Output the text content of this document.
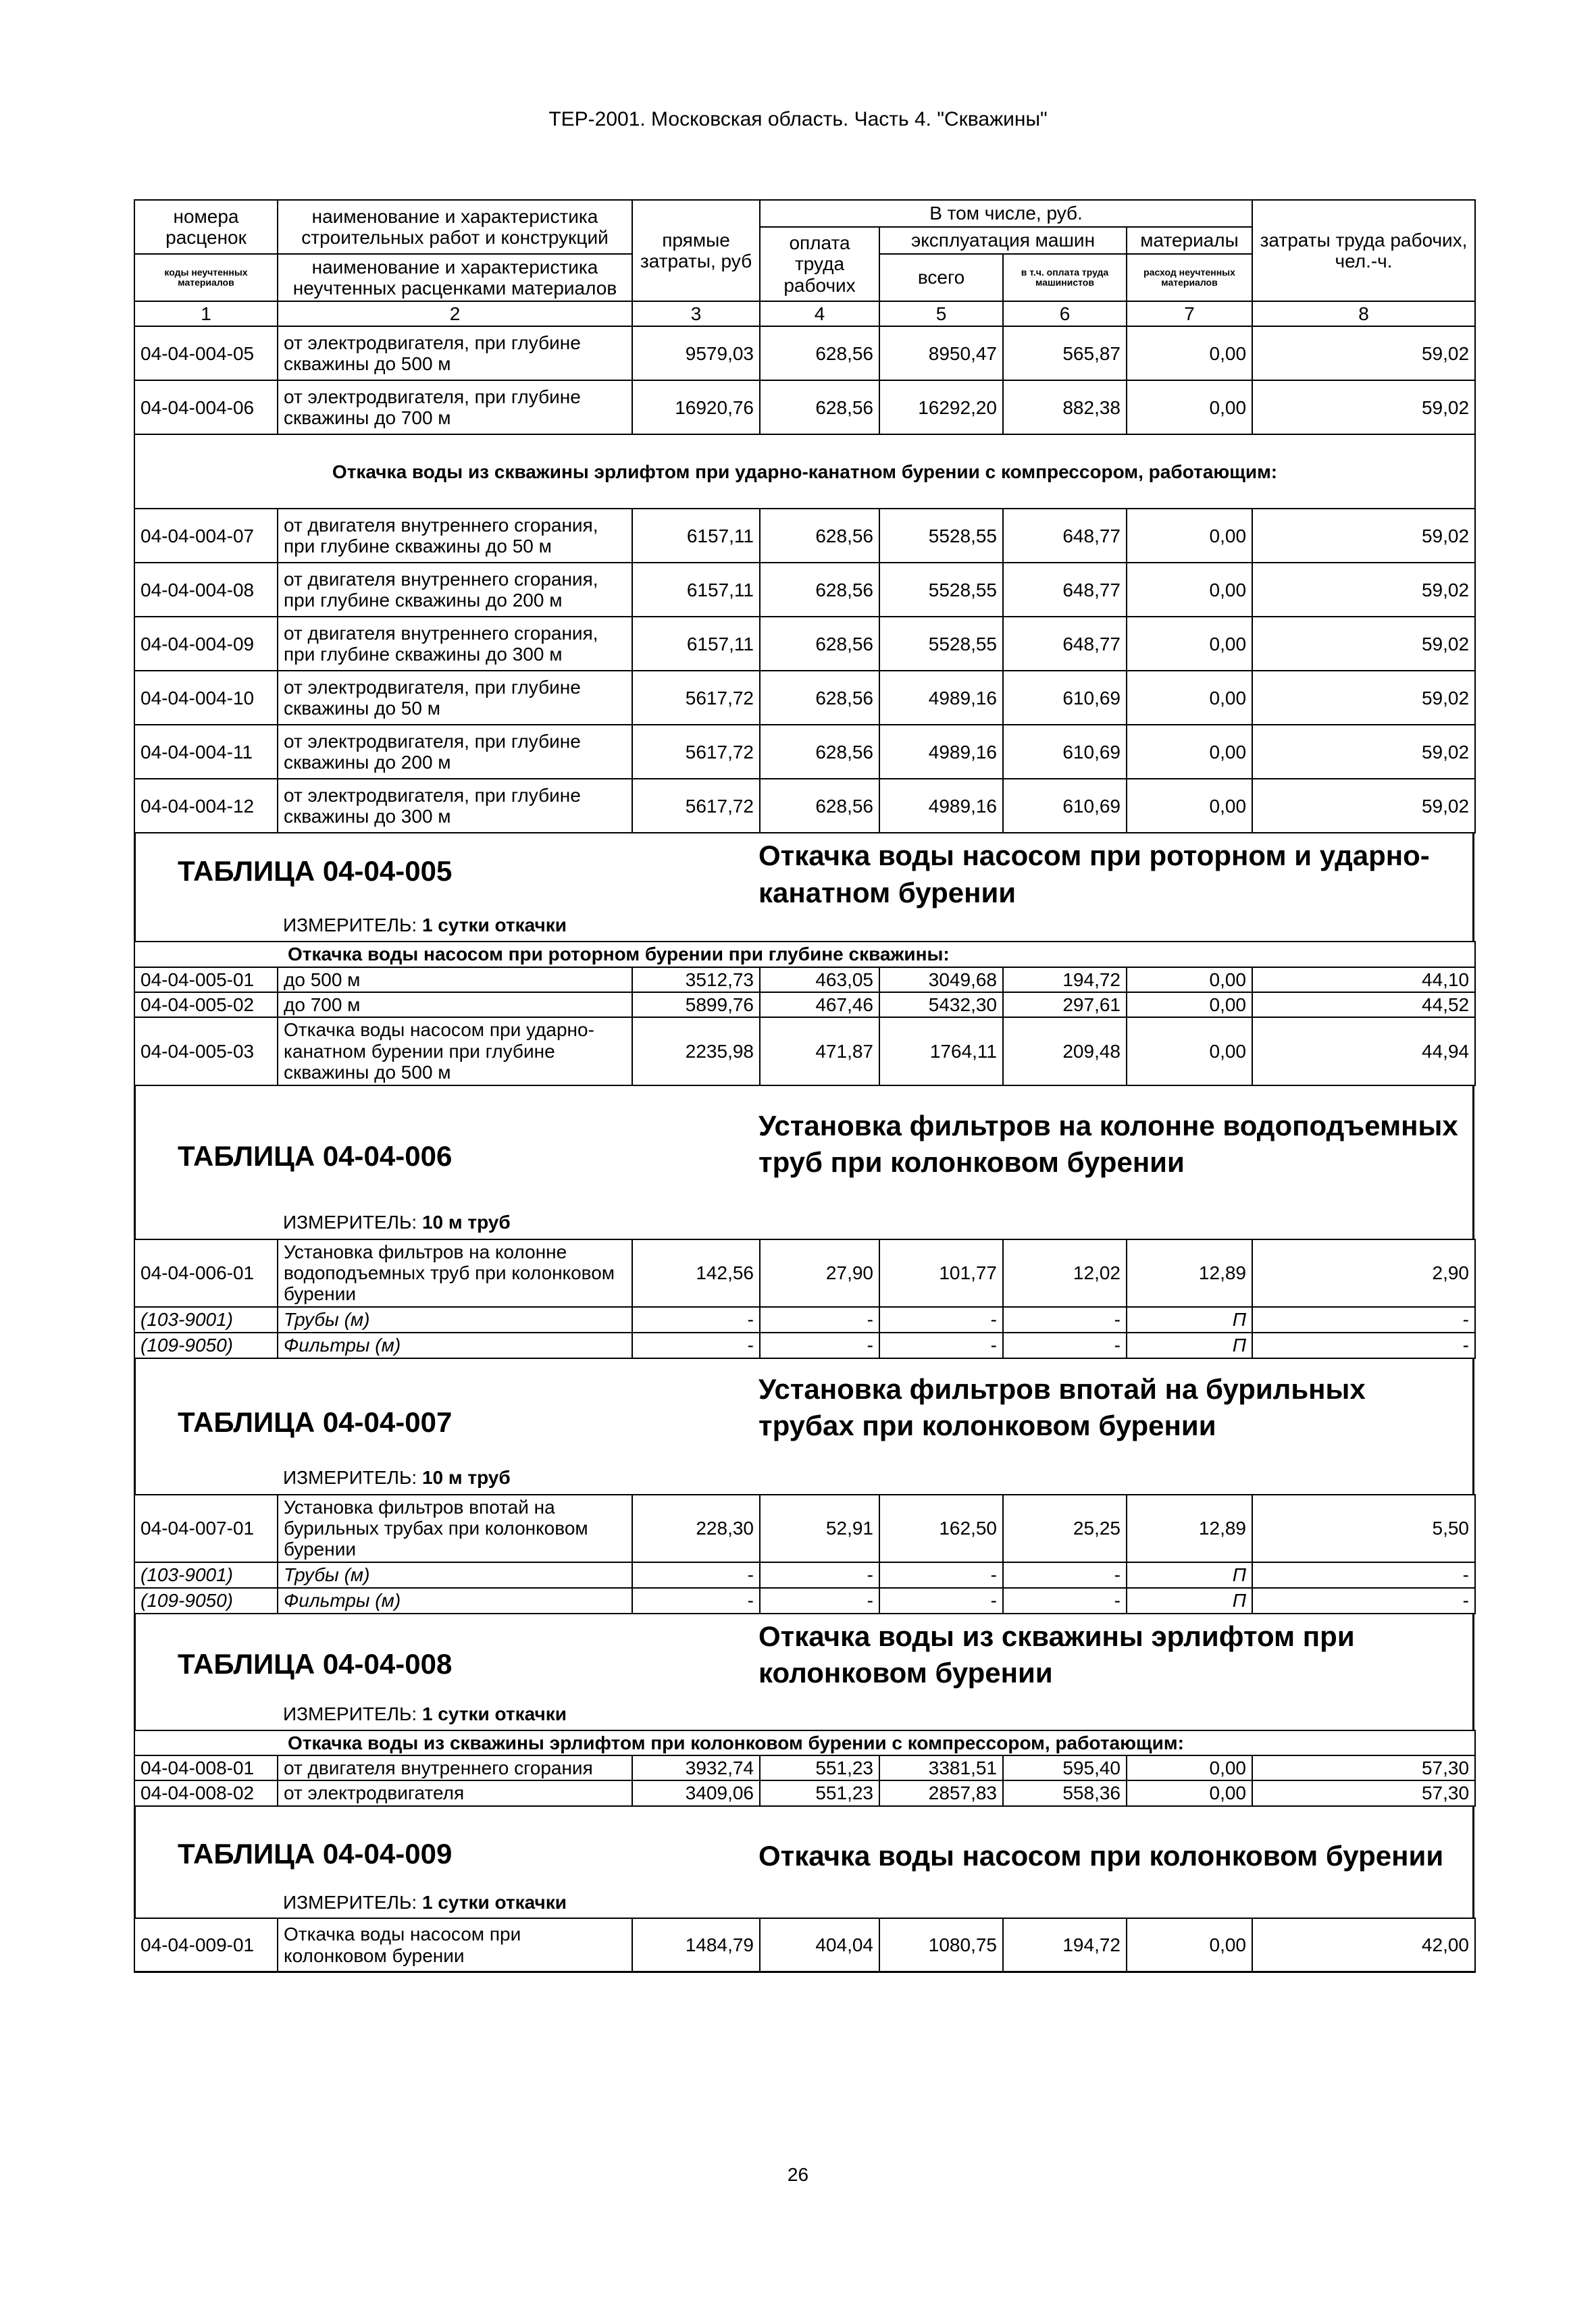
ТЕР-2001. Московская область. Часть 4. "Скважины"
номера расценок	наименование и характеристика строительных работ и конструкций	прямые затраты, руб	В том числе, руб.				затраты труда рабочих, чел.-ч.
			оплата труда рабочих	эксплуатация машин		материалы	
коды неучтенных материалов	наименование и характеристика неучтенных расценками материалов			всего	в т.ч. оплата труда машинистов	расход неучтенных материалов	

1	2	3	4	5	6	7	8
04-04-004-05	от электродвигателя, при глубине скважины до 500 м	9579,03	628,56	8950,47	565,87	0,00	59,02
04-04-004-06	от электродвигателя, при глубине скважины до 700 м	16920,76	628,56	16292,20	882,38	0,00	59,02
Откачка воды из скважины эрлифтом при ударно-канатном бурении с компрессором, работающим:							
04-04-004-07	от двигателя внутреннего сгорания, при глубине скважины до 50 м	6157,11	628,56	5528,55	648,77	0,00	59,02
04-04-004-08	от двигателя внутреннего сгорания, при глубине скважины до 200 м	6157,11	628,56	5528,55	648,77	0,00	59,02
04-04-004-09	от двигателя внутреннего сгорания, при глубине скважины до 300 м	6157,11	628,56	5528,55	648,77	0,00	59,02
04-04-004-10	от электродвигателя, при глубине скважины до 50 м	5617,72	628,56	4989,16	610,69	0,00	59,02
04-04-004-11	от электродвигателя, при глубине скважины до 200 м	5617,72	628,56	4989,16	610,69	0,00	59,02
04-04-004-12	от электродвигателя, при глубине скважины до 300 м	5617,72	628,56	4989,16	610,69	0,00	59,02
ТАБЛИЦА 04-04-005	Откачка воды насосом при роторном и ударно-канатном бурении
ИЗМЕРИТЕЛЬ: 1 сутки откачки
Откачка воды насосом при роторном бурении при глубине скважины:							
04-04-005-01	до 500 м	3512,73	463,05	3049,68	194,72	0,00	44,10
04-04-005-02	до 700 м	5899,76	467,46	5432,30	297,61	0,00	44,52
04-04-005-03	Откачка воды насосом при ударно-канатном бурении при глубине скважины до 500 м	2235,98	471,87	1764,11	209,48	0,00	44,94
ТАБЛИЦА 04-04-006
Установка фильтров на колонне водоподъемных труб при колонковом бурении
ИЗМЕРИТЕЛЬ: 10 м труб
04-04-006-01	Установка фильтров на колонне водоподъемных труб при колонковом бурении	142,56	27,90	101,77	12,02	12,89	2,90
(103-9001)	Трубы (м)	-	-	-	-	П	-
(109-9050)	Фильтры (м)	-	-	-	-	П	-
ТАБЛИЦА 04-04-007
Установка фильтров впотай на бурильных трубах при колонковом бурении
ИЗМЕРИТЕЛЬ: 10 м труб
04-04-007-01	Установка фильтров впотай на бурильных трубах при колонковом бурении	228,30	52,91	162,50	25,25	12,89	5,50
(103-9001)	Трубы (м)	-	-	-	-	П	-
(109-9050)	Фильтры (м)	-	-	-	-	П	-
ТАБЛИЦА 04-04-008
Откачка воды из скважины эрлифтом при колонковом бурении
ИЗМЕРИТЕЛЬ: 1 сутки откачки
Откачка воды из скважины эрлифтом при колонковом бурении с компрессором, работающим:							
04-04-008-01	от двигателя внутреннего сгорания	3932,74	551,23	3381,51	595,40	0,00	57,30
04-04-008-02	от электродвигателя	3409,06	551,23	2857,83	558,36	0,00	57,30
ТАБЛИЦА 04-04-009	Откачка воды насосом при колонковом бурении
ИЗМЕРИТЕЛЬ: 1 сутки откачки
04-04-009-01	Откачка воды насосом при колонковом бурении	1484,79	404,04	1080,75	194,72	0,00	42,00
26
